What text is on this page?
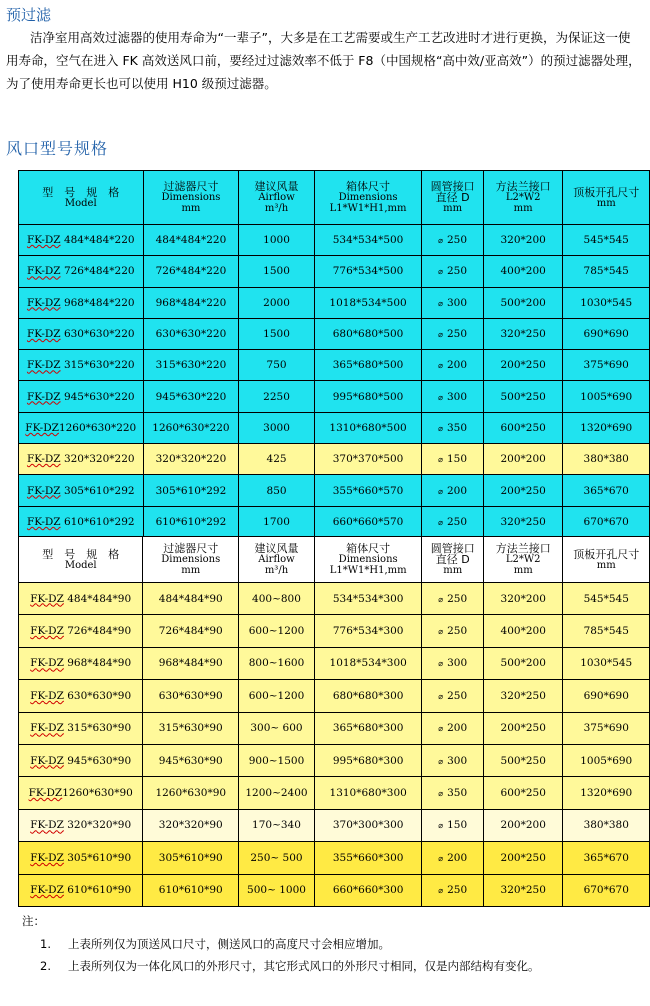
预过滤

洁净室用高效过滤器的使用寿命为“一辈子”，大多是在工艺需要或生产工艺改进时才进行更换，为保证这一使用寿命，空气在进入 FK 高效送风口前，要经过过滤效率不低于 F8（中国规格“高中效/亚高效”）的预过滤器处理，为了使用寿命更长也可以使用 H10 级预过滤器。

风口型号规格
型　号　规　格
Model	过滤器尺寸
Dimensions
mm	建议风量
Airflow
m³/h	箱体尺寸
Dimensions
L1*W1*H1,mm	圆管接口
直径 D
mm	方法兰接口
L2*W2
mm	顶板开孔尺寸
mm

FK-DZ 484*484*220	484*484*220	1000	534*534*500	⌀ 250	320*200	545*545
FK-DZ 726*484*220	726*484*220	1500	776*534*500	⌀ 250	400*200	785*545
FK-DZ 968*484*220	968*484*220	2000	1018*534*500	⌀ 300	500*200	1030*545
FK-DZ 630*630*220	630*630*220	1500	680*680*500	⌀ 250	320*250	690*690
FK-DZ 315*630*220	315*630*220	750	365*680*500	⌀ 200	200*250	375*690
FK-DZ 945*630*220	945*630*220	2250	995*680*500	⌀ 300	500*250	1005*690
FK-DZ1260*630*220	1260*630*220	3000	1310*680*500	⌀ 350	600*250	1320*690
FK-DZ 320*320*220	320*320*220	425	370*370*500	⌀ 150	200*200	380*380
FK-DZ 305*610*292	305*610*292	850	355*660*570	⌀ 200	200*250	365*670
FK-DZ 610*610*292	610*610*292	1700	660*660*570	⌀ 250	320*250	670*670
型　号　规　格
Model	过滤器尺寸
Dimensions
mm	建议风量
Airflow
m³/h	箱体尺寸
Dimensions
L1*W1*H1,mm	圆管接口
直径 D
mm	方法兰接口
L2*W2
mm	顶板开孔尺寸
mm

FK-DZ 484*484*90	484*484*90	400~800	534*534*300	⌀ 250	320*200	545*545
FK-DZ 726*484*90	726*484*90	600~1200	776*534*300	⌀ 250	400*200	785*545
FK-DZ 968*484*90	968*484*90	800~1600	1018*534*300	⌀ 300	500*200	1030*545
FK-DZ 630*630*90	630*630*90	600~1200	680*680*300	⌀ 250	320*250	690*690
FK-DZ 315*630*90	315*630*90	300~ 600	365*680*300	⌀ 200	200*250	375*690
FK-DZ 945*630*90	945*630*90	900~1500	995*680*300	⌀ 300	500*250	1005*690
FK-DZ1260*630*90	1260*630*90	1200~2400	1310*680*300	⌀ 350	600*250	1320*690
FK-DZ 320*320*90	320*320*90	170~340	370*300*300	⌀ 150	200*200	380*380
FK-DZ 305*610*90	305*610*90	250~ 500	355*660*300	⌀ 200	200*250	365*670
FK-DZ 610*610*90	610*610*90	500~ 1000	660*660*300	⌀ 250	320*250	670*670
注：
1.	上表所列仅为顶送风口尺寸，侧送风口的高度尺寸会相应增加。
2.	上表所列仅为一体化风口的外形尺寸，其它形式风口的外形尺寸相同，仅是内部结构有变化。
